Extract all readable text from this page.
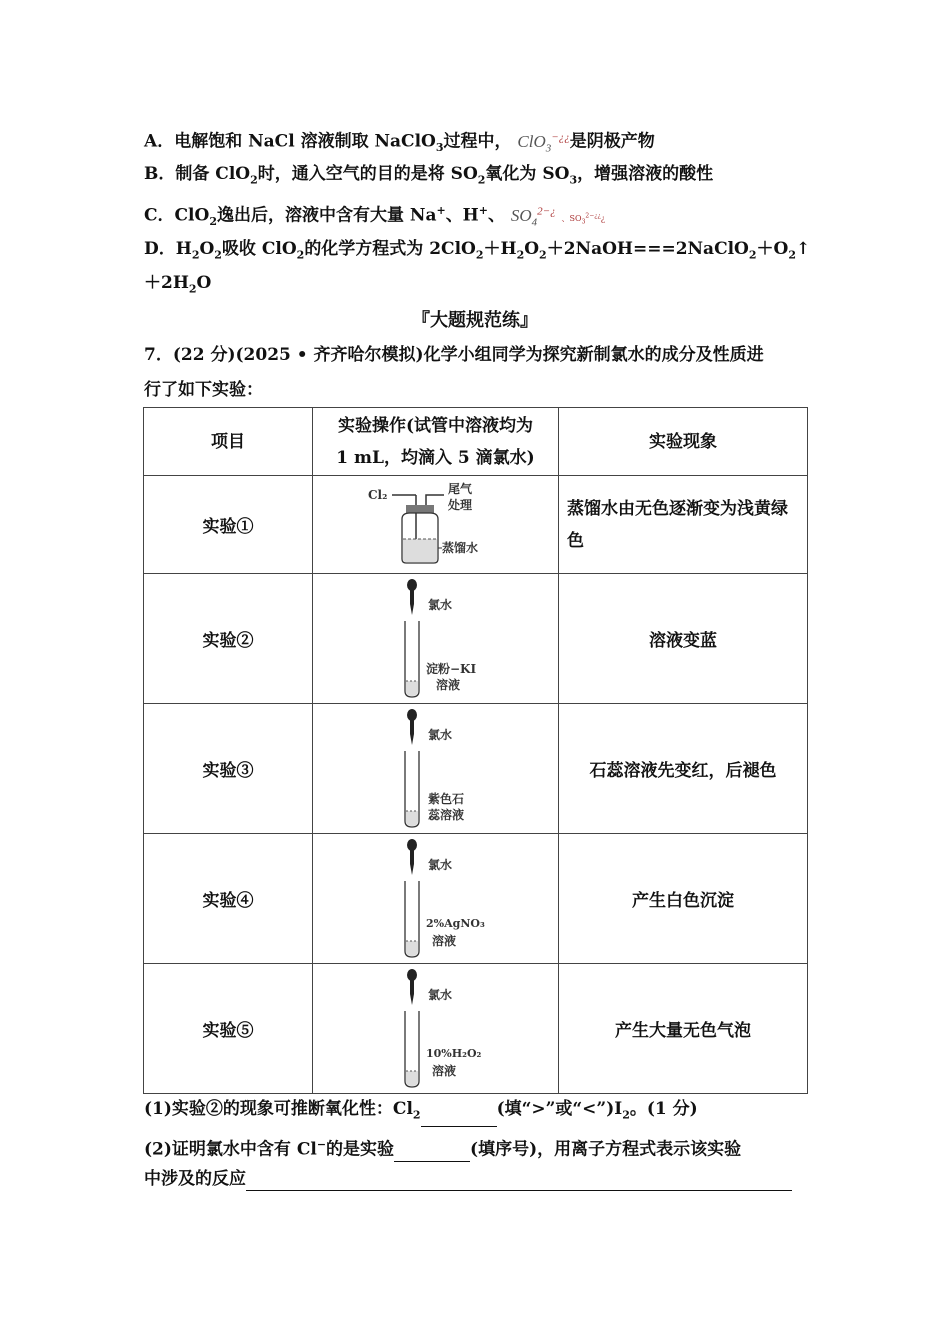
A．电解饱和 NaCl 溶液制取 NaClO$_3$过程中， ClO$_3$−¿¿是阴极产物
B．制备 ClO$_2$时，通入空气的目的是将 $SO_2$氧化为 $SO_3$，增强溶液的酸性
C．ClO$_2$逸出后，溶液中含有大量 Na+、H+、 $SO_4^{2-¿}$ 、$SO_3^{2-¿¿}¿$
D．$H_2O_2$吸收 ClO$_2$的化学方程式为 $2ClO_2+H_2O_2+2NaOH===2NaClO_2+O_2↑$
$+2H_2O$
『大题规范练』
7．(22 分)(2025 • 齐齐哈尔模拟)化学小组同学为探究新制氯水的成分及性质进
行了如下实验：
项目	实验操作(试管中溶液均为
1 mL，均滴入 5 滴氯水)	实验现象
实验①	Cl₂ 尾气
处理
蒸馏水	蒸馏水由无色逐渐变为浅黄绿色
实验②	氯水
淀粉−KI
溶液	溶液变蓝
实验③	氯水
紫色石
蕊溶液	石蕊溶液先变红，后褪色
实验④	氯水
2%AgNO₃
溶液	产生白色沉淀
实验⑤	氯水
10%H₂O₂
溶液	产生大量无色气泡
(1)实验②的现象可推断氧化性：$Cl_2$	(填“>”或“$<”)I_2$。(1 分)
(2)证明氯水中含有 Cl−的是实验	(填序号)，用离子方程式表示该实验
中涉及的反应
